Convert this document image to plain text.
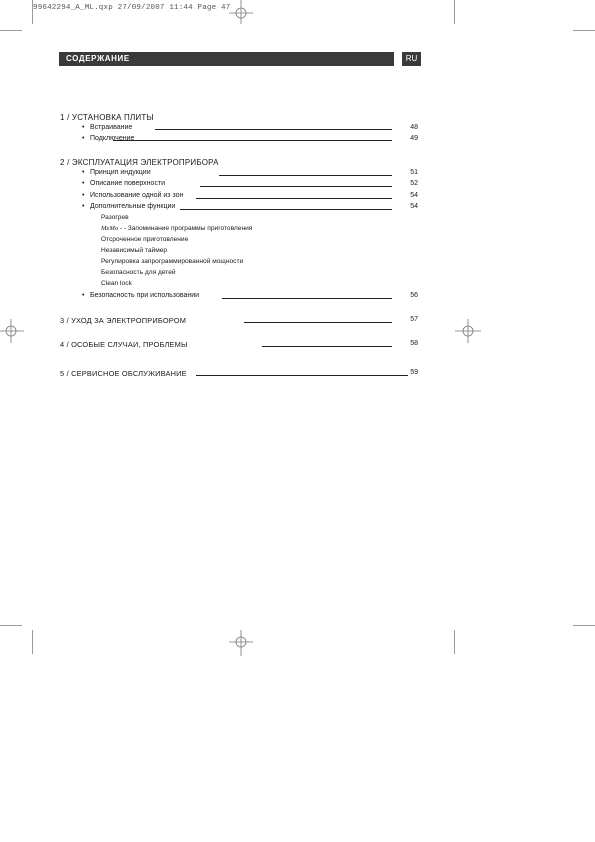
99642294_A_ML.qxp 27/09/2007 11:44 Page 47
СОДЕРЖАНИЕ	RU
1 / УСТАНОВКА ПЛИТЫ
• Встраивание	48
• Подключение	49
2 / ЭКСПЛУАТАЦИЯ ЭЛЕКТРОПРИБОРА
• Принцип индукции	51
• Описание поверхности	52
• Использование одной из зон	54
• Дополнительные функции	54
Разогрев
MeMo - - Запоминание программы приготовления
Отсроченное приготовление
Независимый таймер
Регулировка запрограммированной мощности
Безопасность для детей
Clean lock
• Безопасность при использовании	56
3 / УХОД ЗА ЭЛЕКТРОПРИБОРОМ	57
4 / ОСОБЫЕ СЛУЧАИ, ПРОБЛЕМЫ	58
5 / СЕРВИСНОЕ ОБСЛУЖИВАНИЕ	59
